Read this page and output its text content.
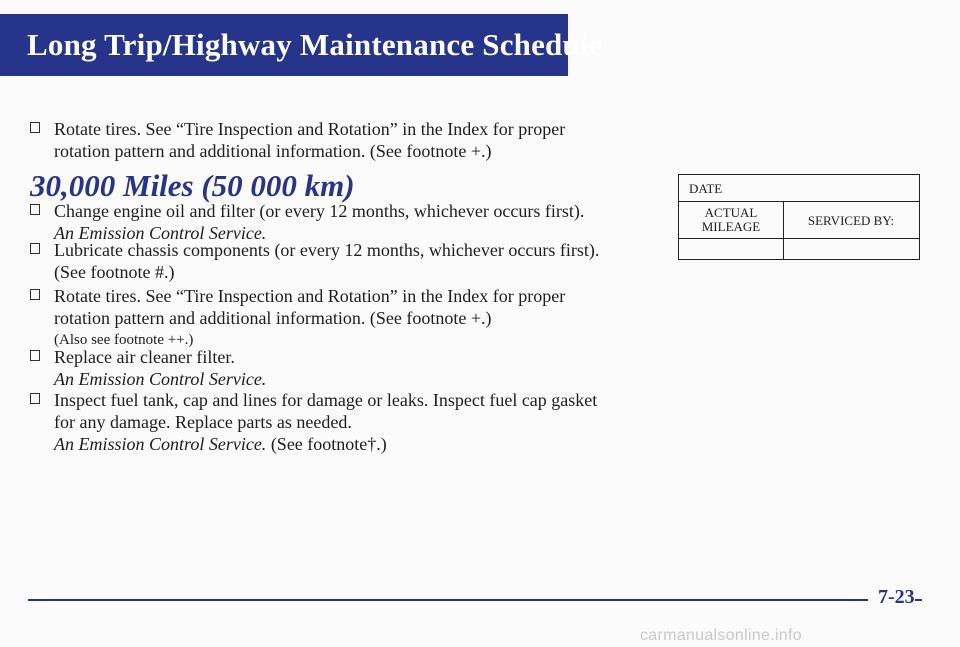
Long Trip/Highway Maintenance Schedule
Rotate tires. See “Tire Inspection and Rotation” in the Index for proper
rotation pattern and additional information. (See footnote +.)
30,000 Miles (50 000 km)
Change engine oil and filter (or every 12 months, whichever occurs first).
An Emission Control Service.
Lubricate chassis components (or every 12 months, whichever occurs first).
(See footnote #.)
Rotate tires. See “Tire Inspection and Rotation” in the Index for proper
rotation pattern and additional information. (See footnote +.)
(Also see footnote ++.)
Replace air cleaner filter.
An Emission Control Service.
Inspect fuel tank, cap and lines for damage or leaks. Inspect fuel cap gasket
for any damage. Replace parts as needed.
An Emission Control Service. (See footnote†.)
DATE
ACTUAL
MILEAGE	SERVICED BY:
7-23
carmanualsonline.info
